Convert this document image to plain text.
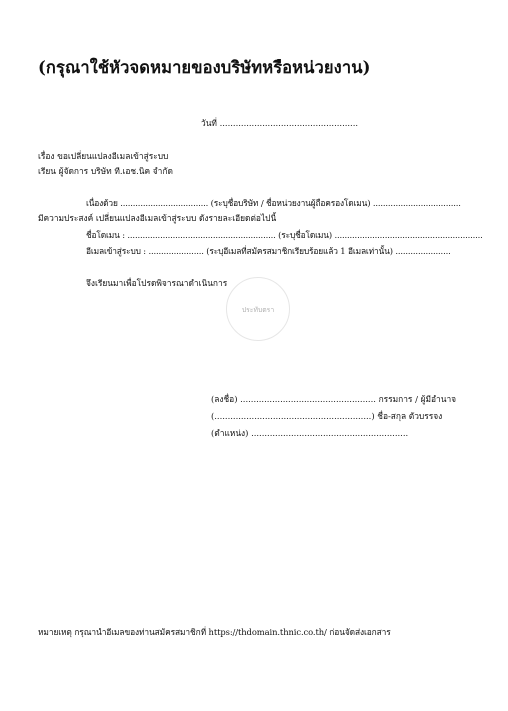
(กรุณาใช้หัวจดหมายของบริษัทหรือหน่วยงาน)
วันที่ ....................................................
เรื่อง ขอเปลี่ยนแปลงอีเมลเข้าสู่ระบบ
เรียน ผู้จัดการ บริษัท ที.เอช.นิค จำกัด
เนื่องด้วย ................................... (ระบุชื่อบริษัท / ชื่อหน่วยงานผู้ถือครองโดเมน) ...................................
มีความประสงค์ เปลี่ยนแปลงอีเมลเข้าสู่ระบบ ดังรายละเอียดต่อไปนี้
ชื่อโดเมน : ........................................................... (ระบุชื่อโดเมน) ...........................................................
อีเมลเข้าสู่ระบบ : ...................... (ระบุอีเมลที่สมัครสมาชิกเรียบร้อยแล้ว 1 อีเมลเท่านั้น) ......................
จึงเรียนมาเพื่อโปรดพิจารณาดำเนินการ
ประทับตรา
(ลงชื่อ) ................................................... กรรมการ / ผู้มีอำนาจ
(...........................................................) ชื่อ-สกุล ตัวบรรจง
(ตำแหน่ง) ...........................................................
หมายเหตุ กรุณานำอีเมลของท่านสมัครสมาชิกที่ https://thdomain.thnic.co.th/ ก่อนจัดส่งเอกสาร
